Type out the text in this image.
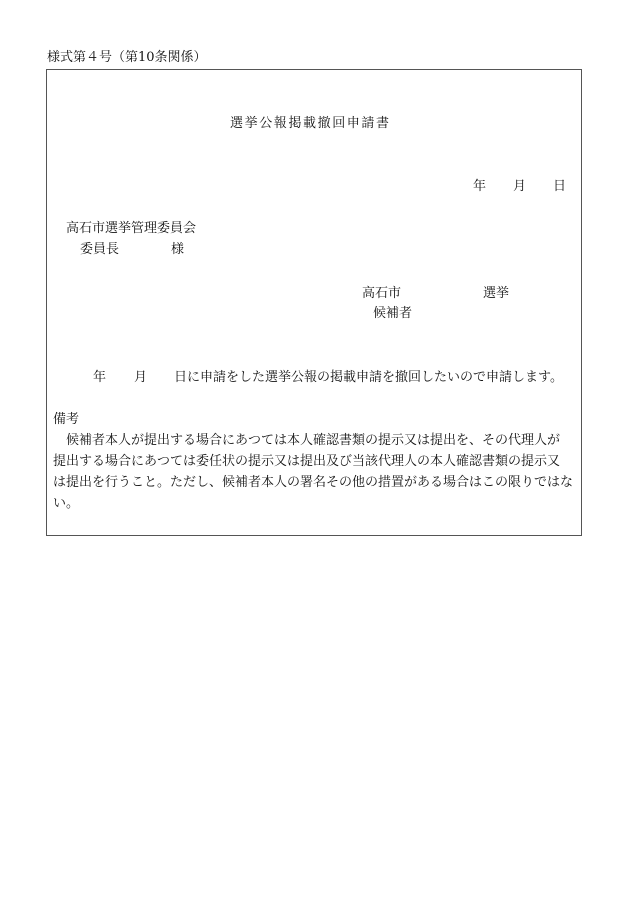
様式第４号（第10条関係）
選挙公報掲載撤回申請書
年 月 日
高石市選挙管理委員会
委員長	様
高石市	選挙
候補者
年 月 日に申請をした選挙公報の掲載申請を撤回したいので申請します。
備考
候補者本人が提出する場合にあつては本人確認書類の提示又は提出を、その代理人が
提出する場合にあつては委任状の提示又は提出及び当該代理人の本人確認書類の提示又
は提出を行うこと。ただし、候補者本人の署名その他の措置がある場合はこの限りではな
い。
